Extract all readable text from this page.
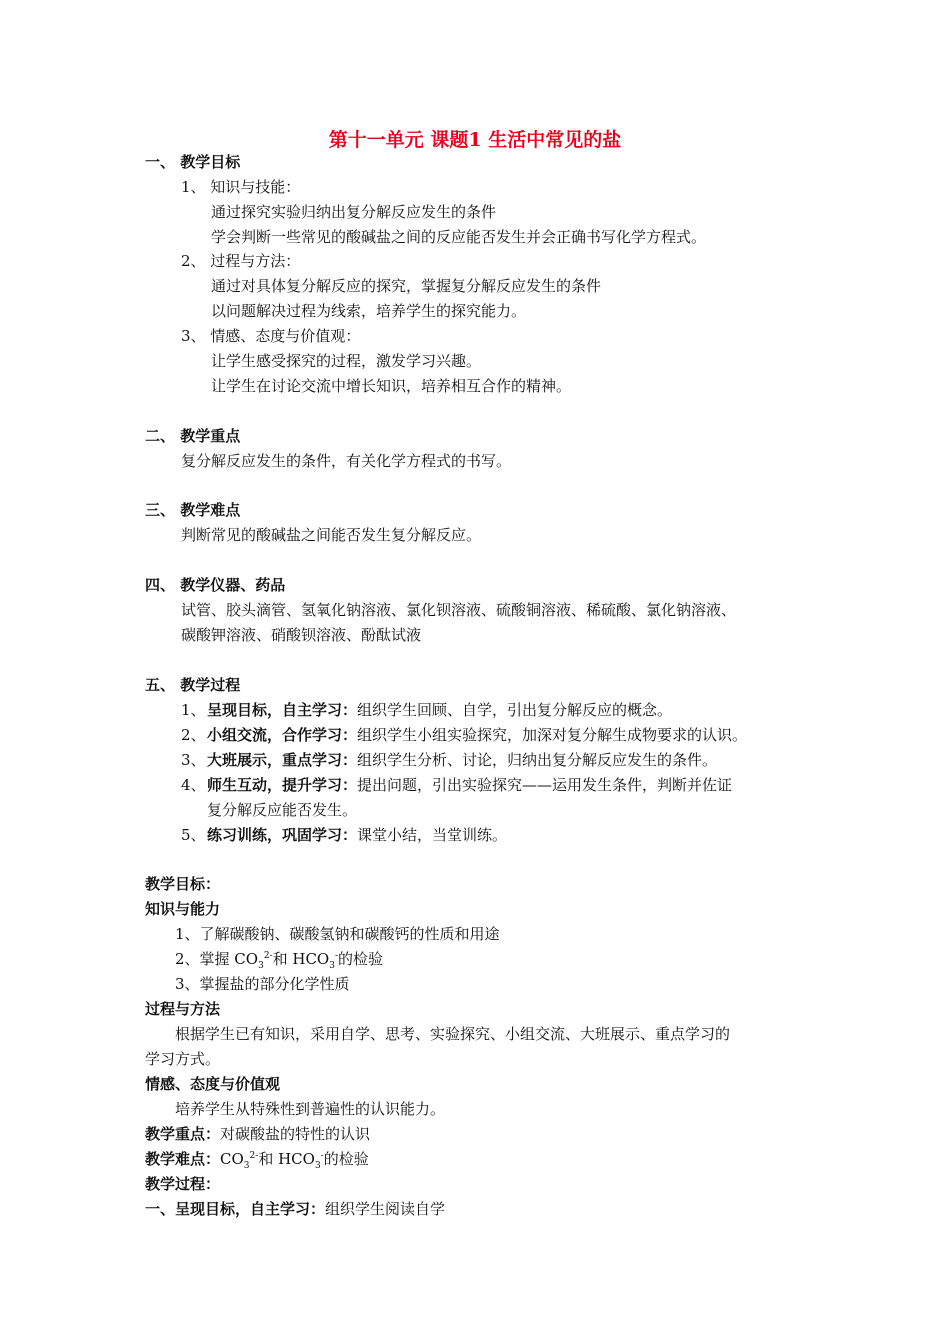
第十一单元 课题1 生活中常见的盐
一、 教学目标
1、 知识与技能：
通过探究实验归纳出复分解反应发生的条件
学会判断一些常见的酸碱盐之间的反应能否发生并会正确书写化学方程式。
2、 过程与方法：
通过对具体复分解反应的探究，掌握复分解反应发生的条件
以问题解决过程为线索，培养学生的探究能力。
3、 情感、态度与价值观：
让学生感受探究的过程，激发学习兴趣。
让学生在讨论交流中增长知识，培养相互合作的精神。
二、 教学重点
复分解反应发生的条件，有关化学方程式的书写。
三、 教学难点
判断常见的酸碱盐之间能否发生复分解反应。
四、 教学仪器、药品
试管、胶头滴管、氢氧化钠溶液、氯化钡溶液、硫酸铜溶液、稀硫酸、氯化钠溶液、
碳酸钾溶液、硝酸钡溶液、酚酞试液
五、 教学过程
1、呈现目标，自主学习：组织学生回顾、自学，引出复分解反应的概念。
2、小组交流，合作学习：组织学生小组实验探究，加深对复分解生成物要求的认识。
3、大班展示，重点学习：组织学生分析、讨论，归纳出复分解反应发生的条件。
4、师生互动，提升学习：提出问题，引出实验探究——运用发生条件，判断并佐证
复分解反应能否发生。
5、练习训练，巩固学习：课堂小结，当堂训练。
教学目标：
知识与能力
1、了解碳酸钠、碳酸氢钠和碳酸钙的性质和用途
2、掌握 $CO_3^{2-}$和 $HCO_3^-$的检验
3、掌握盐的部分化学性质
过程与方法
根据学生已有知识，采用自学、思考、实验探究、小组交流、大班展示、重点学习的
学习方式。
情感、态度与价值观
培养学生从特殊性到普遍性的认识能力。
教学重点：对碳酸盐的特性的认识
教学难点：$CO_3^{2-}$和 $HCO_3^-$的检验
教学过程：
一、呈现目标，自主学习：组织学生阅读自学
